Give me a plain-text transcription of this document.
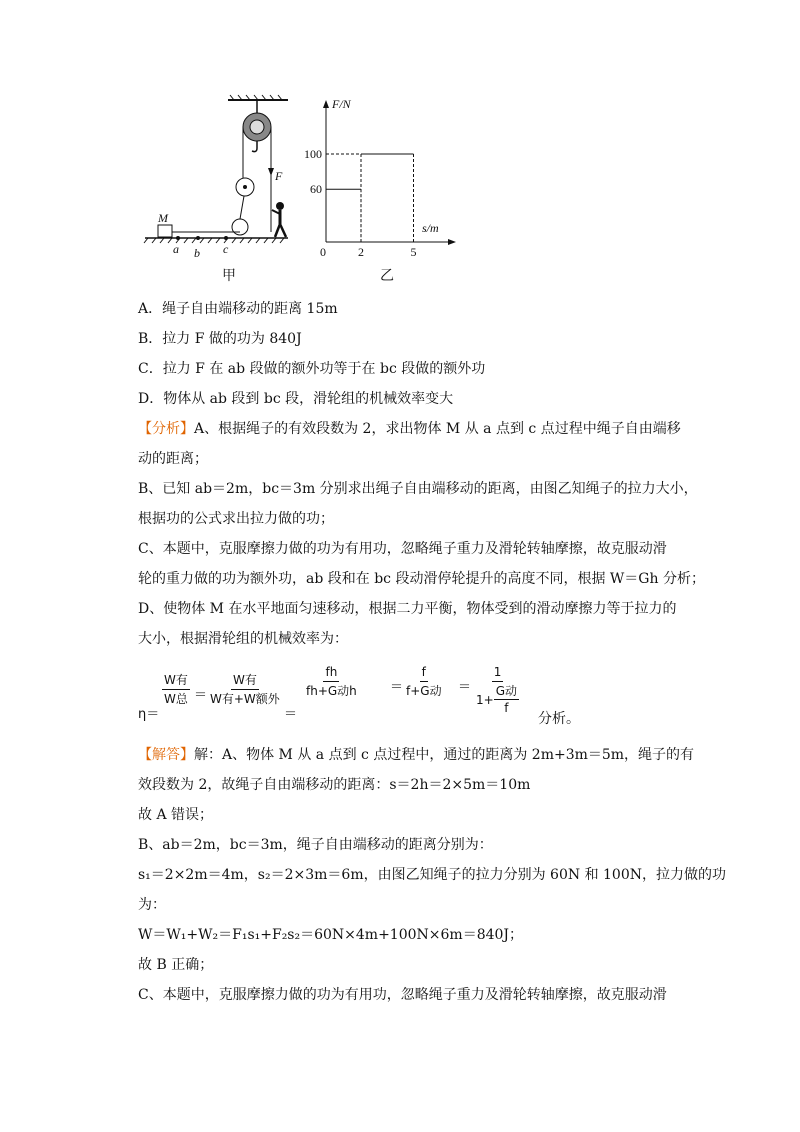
F
M
a b c
甲
F/N
s/m
0
100
60
2	5
乙

A．绳子自由端移动的距离 15m

B．拉力 F 做的功为 840J

C．拉力 F 在 ab 段做的额外功等于在 bc 段做的额外功

D．物体从 ab 段到 bc 段，滑轮组的机械效率变大

【分析】A、根据绳子的有效段数为 2，求出物体 M 从 a 点到 c 点过程中绳子自由端移

动的距离；

B、已知 ab＝2m，bc＝3m 分别求出绳子自由端移动的距离，由图乙知绳子的拉力大小，

根据功的公式求出拉力做的功；

C、本题中，克服摩擦力做的功为有用功，忽略绳子重力及滑轮转轴摩擦，故克服动滑

轮的重力做的功为额外功，ab 段和在 bc 段动滑停轮提升的高度不同，根据 W＝Gh 分析；

D、使物体 M 在水平地面匀速移动，根据二力平衡，物体受到的滑动摩擦力等于拉力的

大小，根据滑轮组的机械效率为：

η＝
W有
W总 ＝
W有
W有+W额外
＝
fh
fh+G动h	＝
f
f+G动 ＝
1
1+
G动
f
分析。

【解答】解：A、物体 M 从 a 点到 c 点过程中，通过的距离为 2m+3m＝5m，绳子的有

效段数为 2，故绳子自由端移动的距离：s＝2h＝2×5m＝10m

故 A 错误；

B、ab＝2m，bc＝3m，绳子自由端移动的距离分别为：

s₁＝2×2m＝4m，s₂＝2×3m＝6m，由图乙知绳子的拉力分别为 60N 和 100N，拉力做的功

为：

W＝W₁+W₂＝F₁s₁+F₂s₂＝60N×4m+100N×6m＝840J；

故 B 正确；

C、本题中，克服摩擦力做的功为有用功，忽略绳子重力及滑轮转轴摩擦，故克服动滑
